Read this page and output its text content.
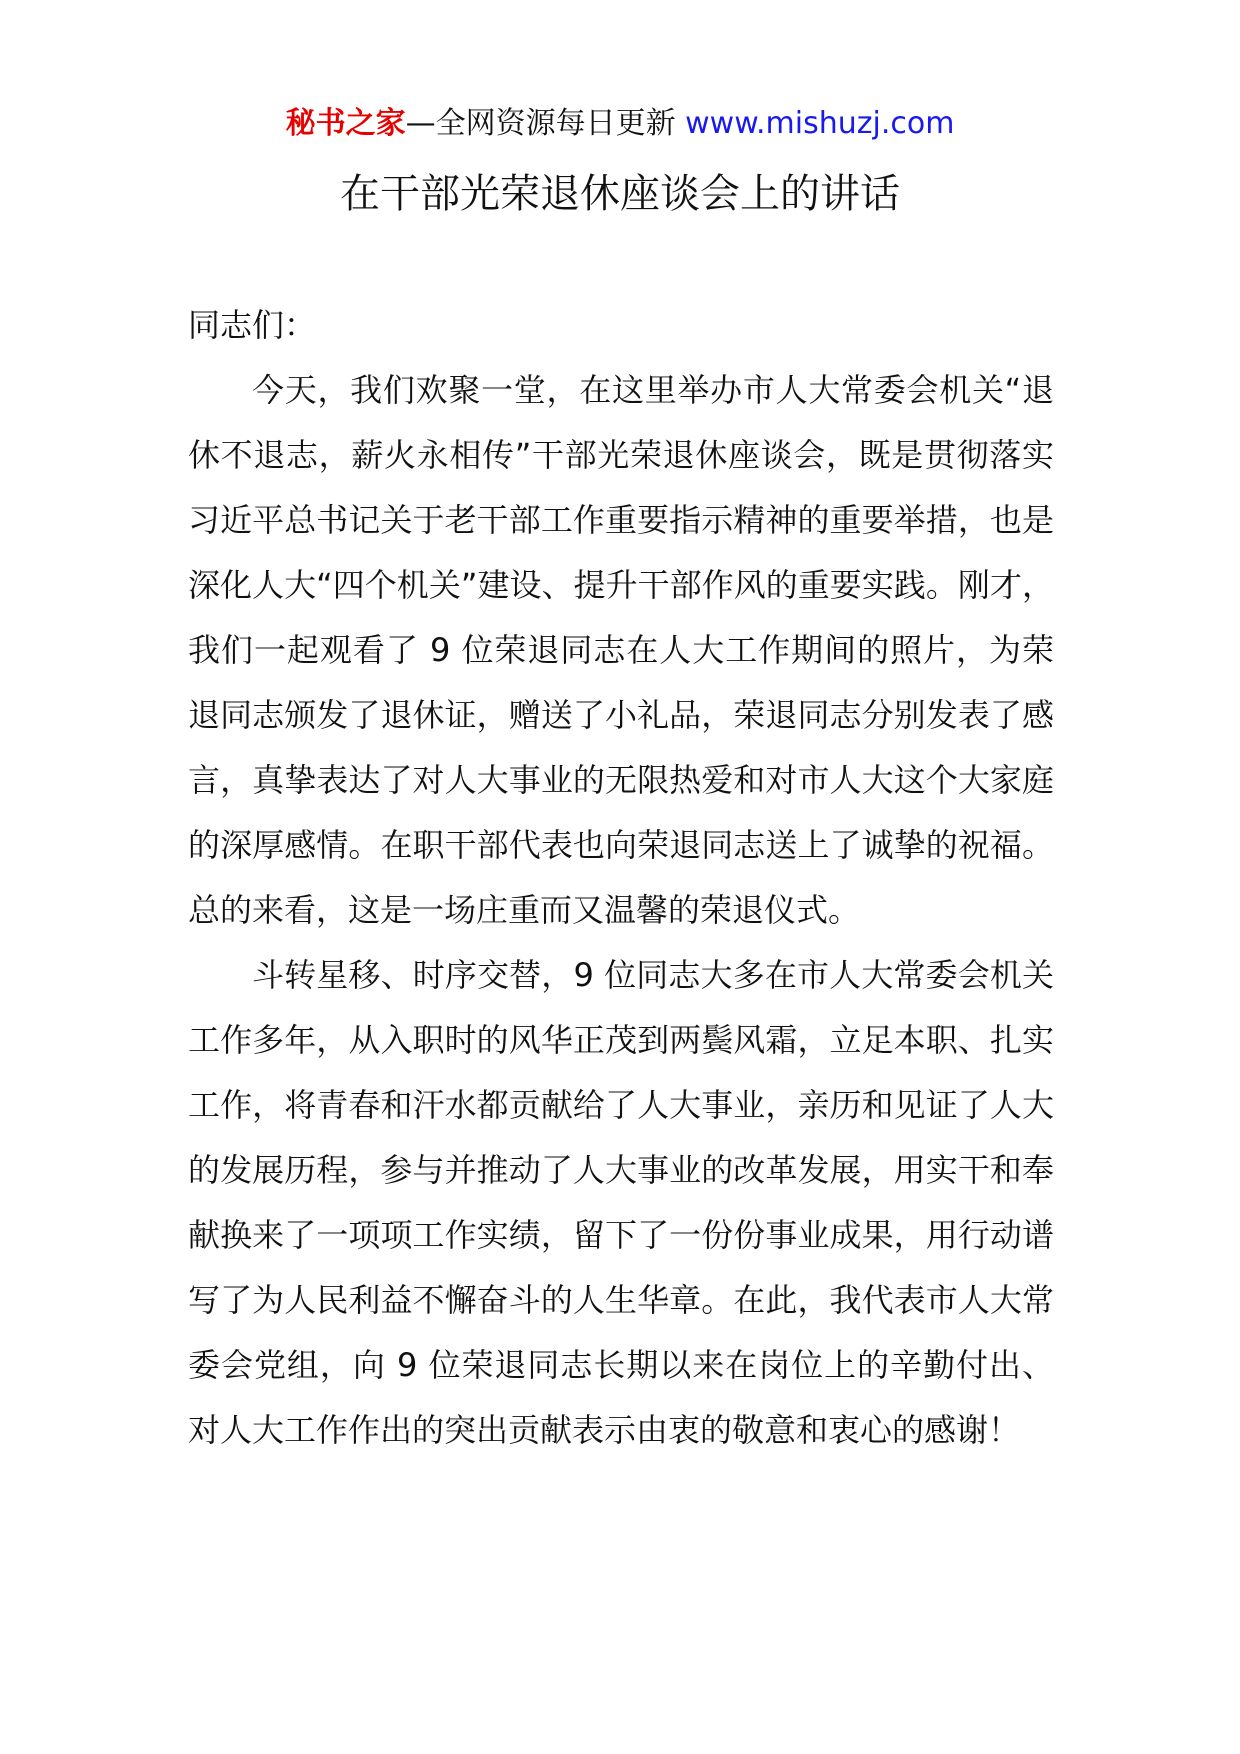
秘书之家—全网资源每日更新 www.mishuzj.com
在干部光荣退休座谈会上的讲话

同志们：

今天，我们欢聚一堂，在这里举办市人大常委会机关“退休不退志，薪火永相传”干部光荣退休座谈会，既是贯彻落实习近平总书记关于老干部工作重要指示精神的重要举措，也是深化人大“四个机关”建设、提升干部作风的重要实践。刚才，我们一起观看了 9 位荣退同志在人大工作期间的照片，为荣退同志颁发了退休证，赠送了小礼品，荣退同志分别发表了感言，真挚表达了对人大事业的无限热爱和对市人大这个大家庭的深厚感情。在职干部代表也向荣退同志送上了诚挚的祝福。总的来看，这是一场庄重而又温馨的荣退仪式。

斗转星移、时序交替，9 位同志大多在市人大常委会机关工作多年，从入职时的风华正茂到两鬓风霜，立足本职、扎实工作，将青春和汗水都贡献给了人大事业，亲历和见证了人大的发展历程，参与并推动了人大事业的改革发展，用实干和奉献换来了一项项工作实绩，留下了一份份事业成果，用行动谱写了为人民利益不懈奋斗的人生华章。在此，我代表市人大常委会党组，向 9 位荣退同志长期以来在岗位上的辛勤付出、对人大工作作出的突出贡献表示由衷的敬意和衷心的感谢！
